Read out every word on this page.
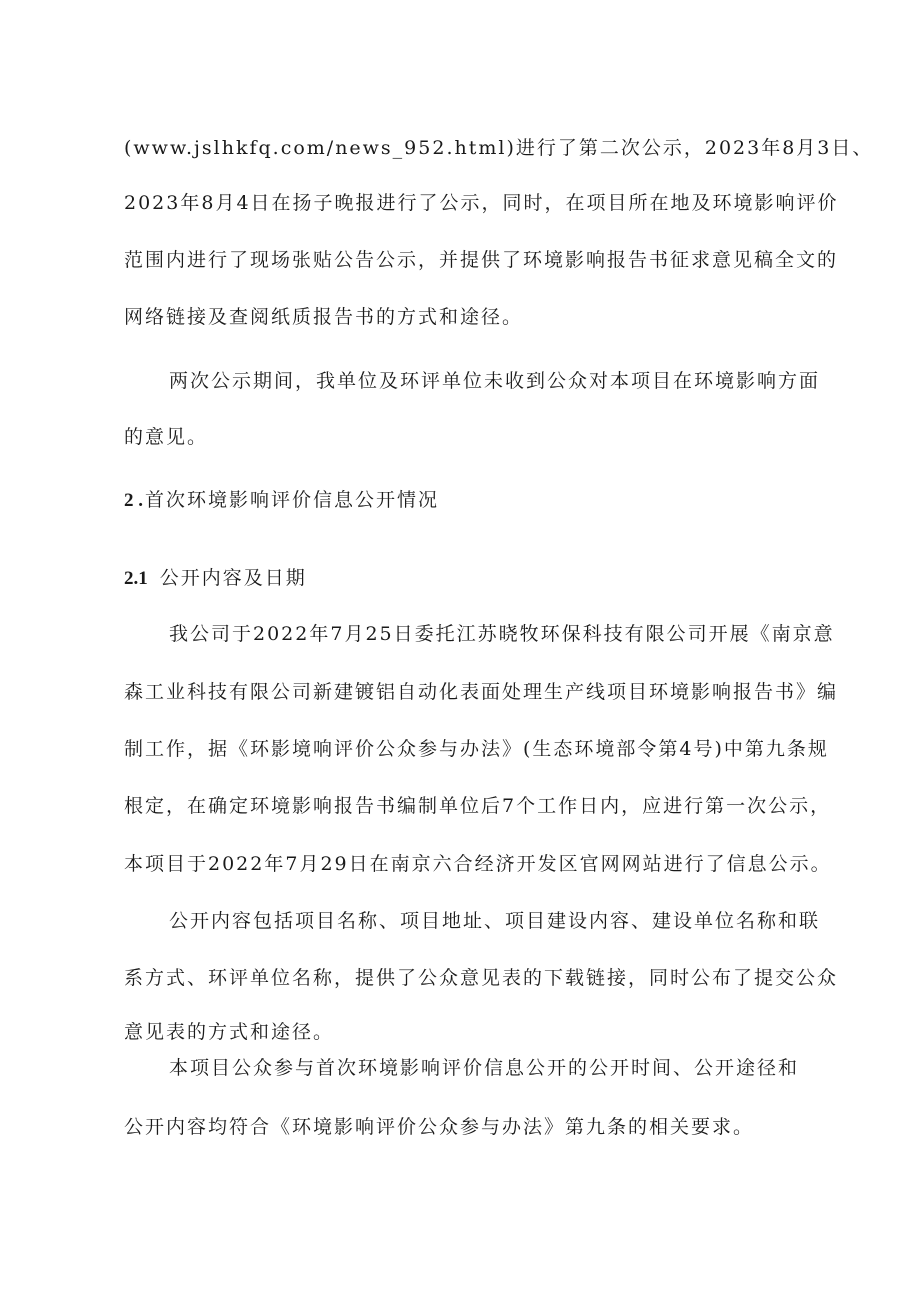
(www.jslhkfq.com/news_952.html)进行了第二次公示，2023年8月3日、

2023年8月4日在扬子晚报进行了公示，同时，在项目所在地及环境影响评价

范围内进行了现场张贴公告公示，并提供了环境影响报告书征求意见稿全文的

网络链接及查阅纸质报告书的方式和途径。

两次公示期间，我单位及环评单位未收到公众对本项目在环境影响方面

的意见。

2 . 首次环境影响评价信息公开情况
2.1 公开内容及日期

我公司于2022年7月25日委托江苏晓牧环保科技有限公司开展《南京意

森工业科技有限公司新建镀铝自动化表面处理生产线项目环境影响报告书》编

制工作，据《环影境响评价公众参与办法》(生态环境部令第4号)中第九条规

根定，在确定环境影响报告书编制单位后7个工作日内，应进行第一次公示，

本项目于2022年7月29日在南京六合经济开发区官网网站进行了信息公示。

公开内容包括项目名称、项目地址、项目建设内容、建设单位名称和联

系方式、环评单位名称，提供了公众意见表的下载链接，同时公布了提交公众

意见表的方式和途径。

本项目公众参与首次环境影响评价信息公开的公开时间、公开途径和

公开内容均符合《环境影响评价公众参与办法》第九条的相关要求。
